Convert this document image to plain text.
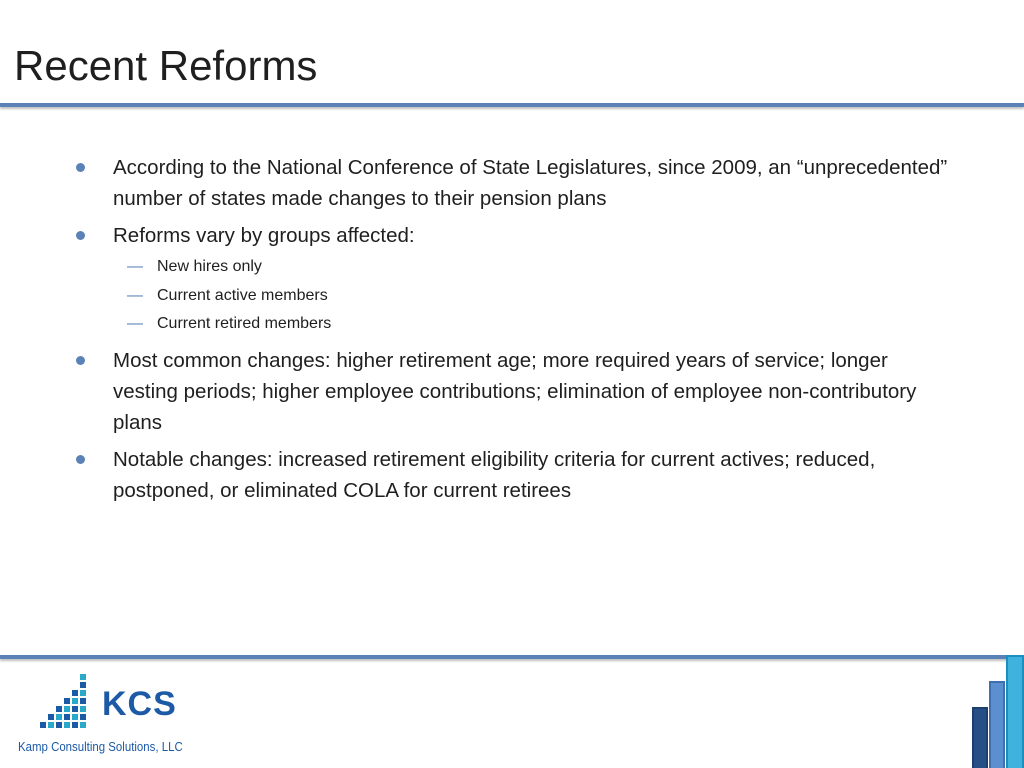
Recent Reforms
According to the National Conference of State Legislatures, since 2009, an “unprecedented” number of states made changes to their pension plans
Reforms vary by groups affected:
— New hires only
— Current active members
— Current retired members
Most common changes: higher retirement age; more required years of service; longer vesting periods; higher employee contributions; elimination of employee non-contributory plans
Notable changes: increased retirement eligibility criteria for current actives; reduced, postponed, or eliminated COLA for current retirees
KCS
Kamp Consulting Solutions, LLC
